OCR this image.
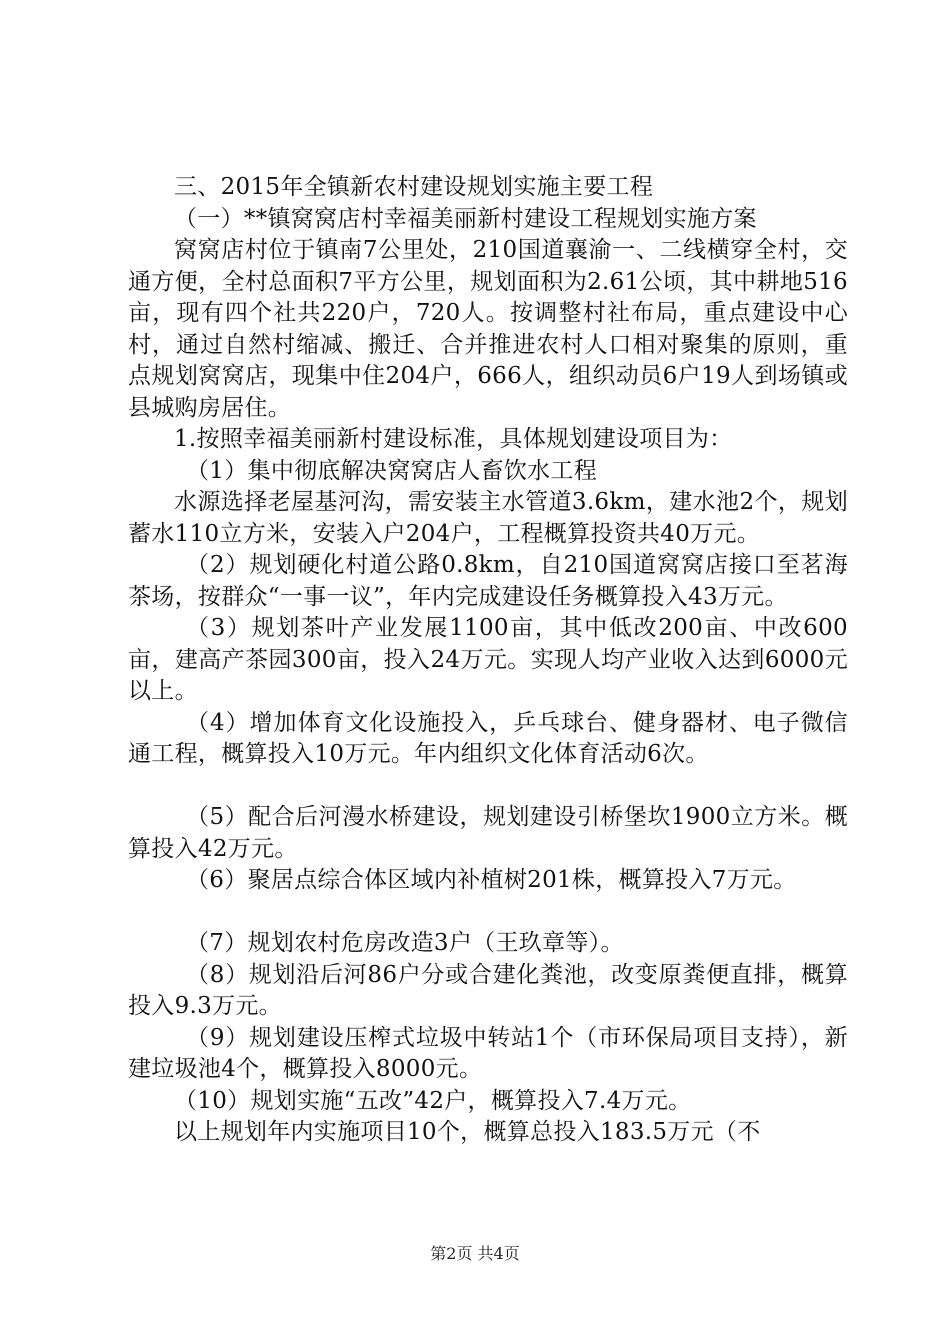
三、2015年全镇新农村建设规划实施主要工程

（一）**镇窝窝店村幸福美丽新村建设工程规划实施方案

窝窝店村位于镇南7公里处，210国道襄渝一、二线横穿全村，交通方便，全村总面积7平方公里，规划面积为2.61公顷，其中耕地516亩，现有四个社共220户，720人。按调整村社布局，重点建设中心村，通过自然村缩减、搬迁、合并推进农村人口相对聚集的原则，重点规划窝窝店，现集中住204户，666人，组织动员6户19人到场镇或县城购房居住。

1.按照幸福美丽新村建设标准，具体规划建设项目为：

（1）集中彻底解决窝窝店人畜饮水工程

水源选择老屋基河沟，需安装主水管道3.6km，建水池2个，规划蓄水110立方米，安装入户204户，工程概算投资共40万元。

（2）规划硬化村道公路0.8km，自210国道窝窝店接口至茗海茶场，按群众“一事一议”，年内完成建设任务概算投入43万元。

（3）规划茶叶产业发展1100亩，其中低改200亩、中改600亩，建高产茶园300亩，投入24万元。实现人均产业收入达到6000元以上。

（4）增加体育文化设施投入，乒乓球台、健身器材、电子微信通工程，概算投入10万元。年内组织文化体育活动6次。

（5）配合后河漫水桥建设，规划建设引桥堡坎1900立方米。概算投入42万元。

（6）聚居点综合体区域内补植树201株，概算投入7万元。

（7）规划农村危房改造3户（王玖章等）。

（8）规划沿后河86户分或合建化粪池，改变原粪便直排，概算投入9.3万元。

（9）规划建设压榨式垃圾中转站1个（市环保局项目支持），新建垃圾池4个，概算投入8000元。

（10）规划实施“五改”42户，概算投入7.4万元。

以上规划年内实施项目10个，概算总投入183.5万元（不

第2页 共4页
